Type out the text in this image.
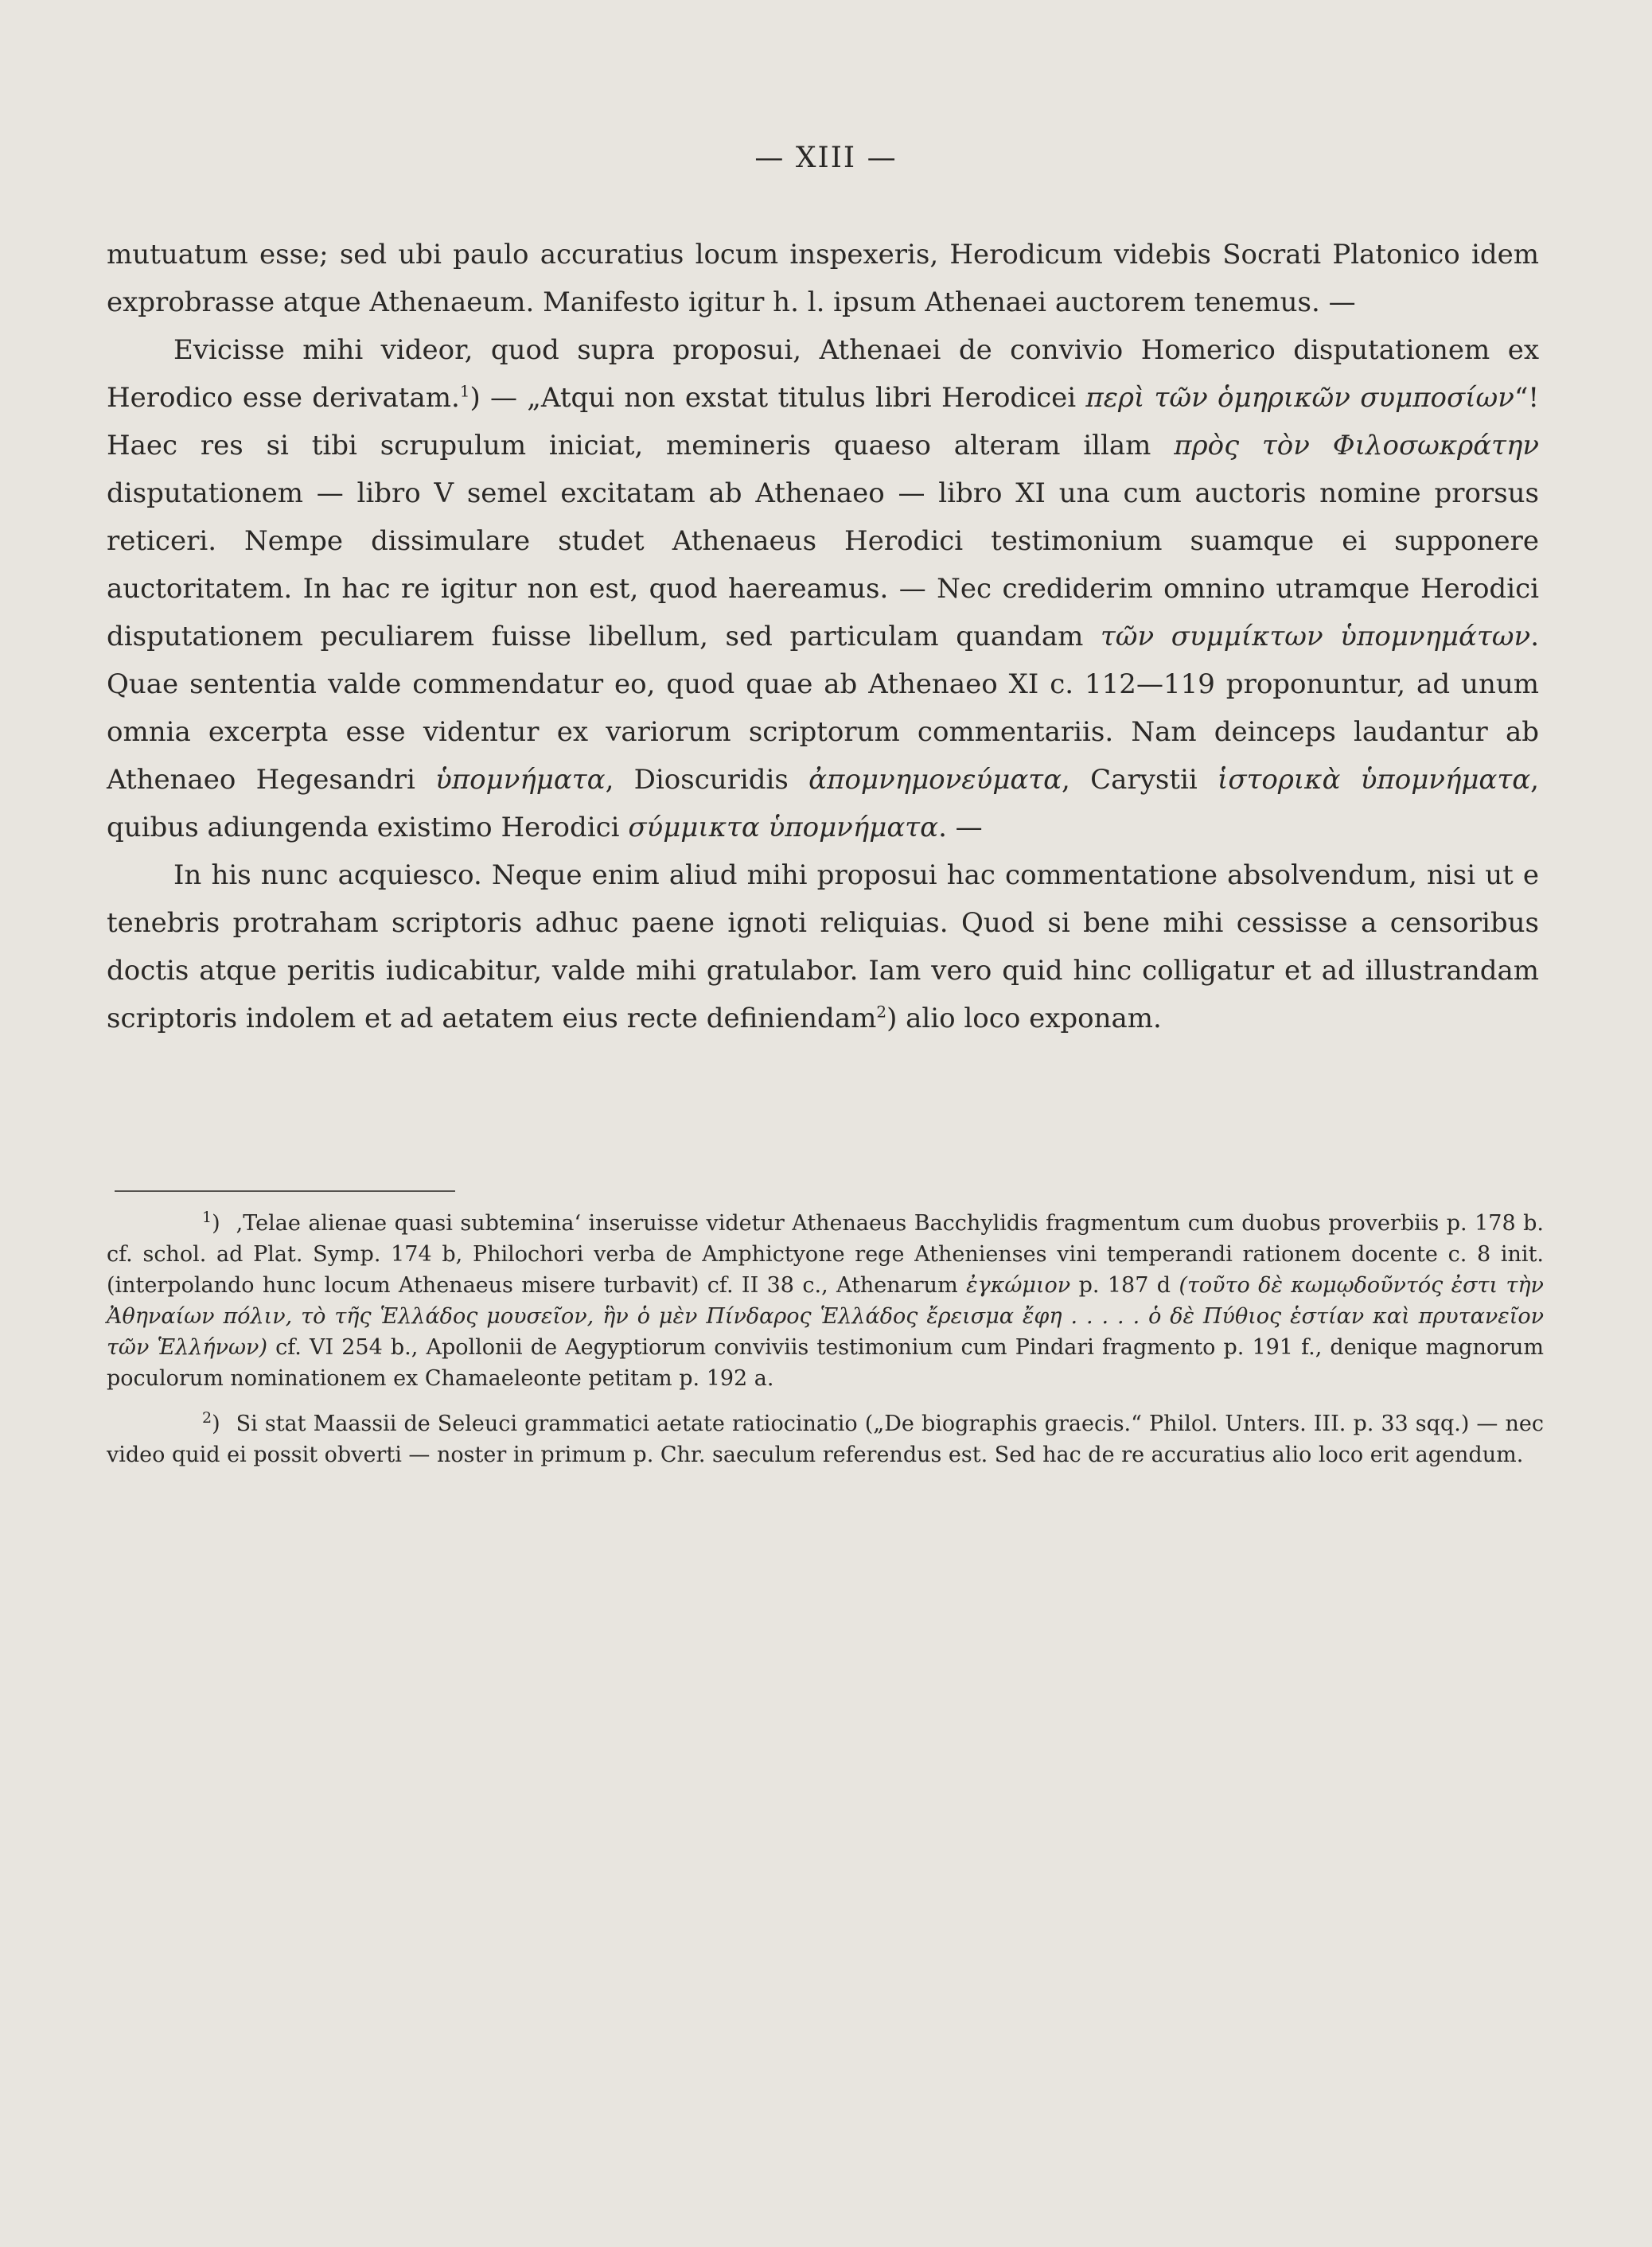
— XIII —

mutuatum esse; sed ubi paulo accuratius locum inspexeris, Herodicum videbis Socrati Platonico idem exprobrasse atque Athenaeum. Manifesto igitur h. l. ipsum Athenaei auctorem tenemus. —

Evicisse mihi videor, quod supra proposui, Athenaei de convivio Homerico disputationem ex Herodico esse derivatam.$^1$) — „Atqui non exstat titulus libri Herodicei περὶ τῶν ὁμηρικῶν συμποσίων“! Haec res si tibi scrupulum iniciat, memineris quaeso alteram illam πρὸς τὸν Φιλοσωκράτην disputationem — libro V semel excitatam ab Athenaeo — libro XI una cum auctoris nomine prorsus reticeri. Nempe dissimulare studet Athenaeus Herodici testimonium suamque ei supponere auctoritatem. In hac re igitur non est, quod haereamus. — Nec crediderim omnino utramque Herodici disputationem peculiarem fuisse libellum, sed particulam quandam τῶν συμμίκτων ὑπομνημάτων. Quae sententia valde commendatur eo, quod quae ab Athenaeo XI c. 112—119 proponuntur, ad unum omnia excerpta esse videntur ex variorum scriptorum commentariis. Nam deinceps laudantur ab Athenaeo Hegesandri ὑπομνήματα, Dioscuridis ἀπομνημονεύματα, Carystii ἱστορικὰ ὑπομνήματα, quibus adiungenda existimo Herodici σύμμικτα ὑπομνήματα. —

In his nunc acquiesco. Neque enim aliud mihi proposui hac commentatione absolvendum, nisi ut e tenebris protraham scriptoris adhuc paene ignoti reliquias. Quod si bene mihi cessisse a censoribus doctis atque peritis iudicabitur, valde mihi gratulabor. Iam vero quid hinc colligatur et ad illustrandam scriptoris indolem et ad aetatem eius recte definiendam$^2$) alio loco exponam.

$^1$) ,Telae alienae quasi subtemina‘ inseruisse videtur Athenaeus Bacchylidis fragmentum cum duobus proverbiis p. 178 b. cf. schol. ad Plat. Symp. 174 b, Philochori verba de Amphictyone rege Athenienses vini temperandi rationem docente c. 8 init. (interpolando hunc locum Athenaeus misere turbavit) cf. II 38 c., Athenarum ἐγκώμιον p. 187 d (τοῦτο δὲ κωμῳδοῦντός ἐστι τὴν Ἀθηναίων πόλιν, τὸ τῆς Ἑλλάδος μουσεῖον, ἣν ὁ μὲν Πίνδαρος Ἑλλάδος ἔρεισμα ἔφη . . . . . ὁ δὲ Πύθιος ἑστίαν καὶ πρυτανεῖον τῶν Ἑλλήνων) cf. VI 254 b., Apollonii de Aegyptiorum conviviis testimonium cum Pindari fragmento p. 191 f., denique magnorum poculorum nominationem ex Chamaeleonte petitam p. 192 a.

$^2$) Si stat Maassii de Seleuci grammatici aetate ratiocinatio („De biographis graecis.“ Philol. Unters. III. p. 33 sqq.) — nec video quid ei possit obverti — noster in primum p. Chr. saeculum referendus est. Sed hac de re accuratius alio loco erit agendum.
